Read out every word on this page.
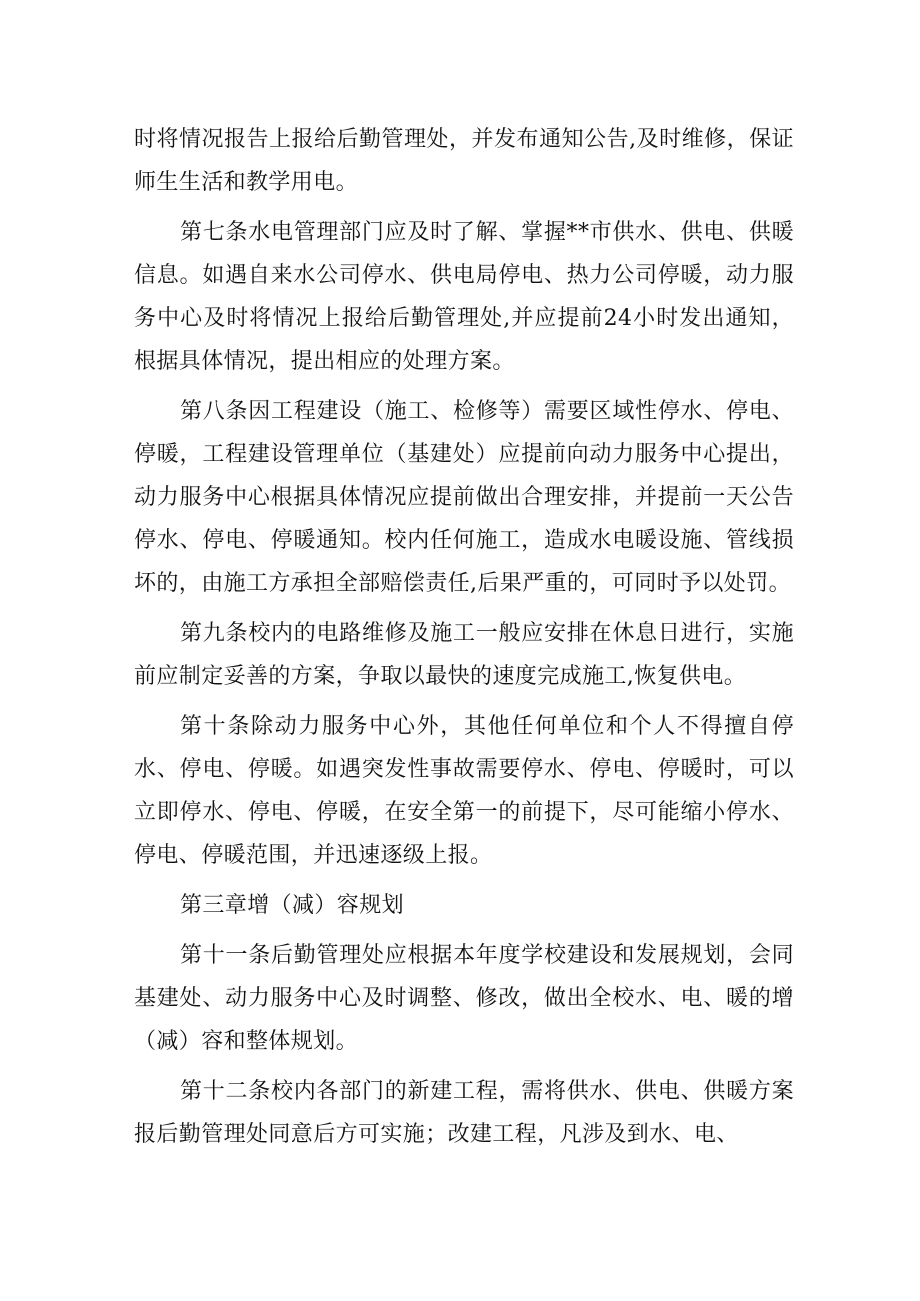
时将情况报告上报给后勤管理处，并发布通知公告,及时维修，保证师生生活和教学用电。

第七条水电管理部门应及时了解、掌握**市供水、供电、供暖信息。如遇自来水公司停水、供电局停电、热力公司停暖，动力服务中心及时将情况上报给后勤管理处,并应提前24小时发出通知，根据具体情况，提出相应的处理方案。

第八条因工程建设（施工、检修等）需要区域性停水、停电、停暖，工程建设管理单位（基建处）应提前向动力服务中心提出，动力服务中心根据具体情况应提前做出合理安排，并提前一天公告停水、停电、停暖通知。校内任何施工，造成水电暖设施、管线损坏的，由施工方承担全部赔偿责任,后果严重的，可同时予以处罚。

第九条校内的电路维修及施工一般应安排在休息日进行，实施前应制定妥善的方案，争取以最快的速度完成施工,恢复供电。

第十条除动力服务中心外，其他任何单位和个人不得擅自停水、停电、停暖。如遇突发性事故需要停水、停电、停暖时，可以立即停水、停电、停暖，在安全第一的前提下，尽可能缩小停水、停电、停暖范围，并迅速逐级上报。

第三章增（减）容规划

第十一条后勤管理处应根据本年度学校建设和发展规划，会同基建处、动力服务中心及时调整、修改，做出全校水、电、暖的增（减）容和整体规划。

第十二条校内各部门的新建工程，需将供水、供电、供暖方案报后勤管理处同意后方可实施；改建工程，凡涉及到水、电、
